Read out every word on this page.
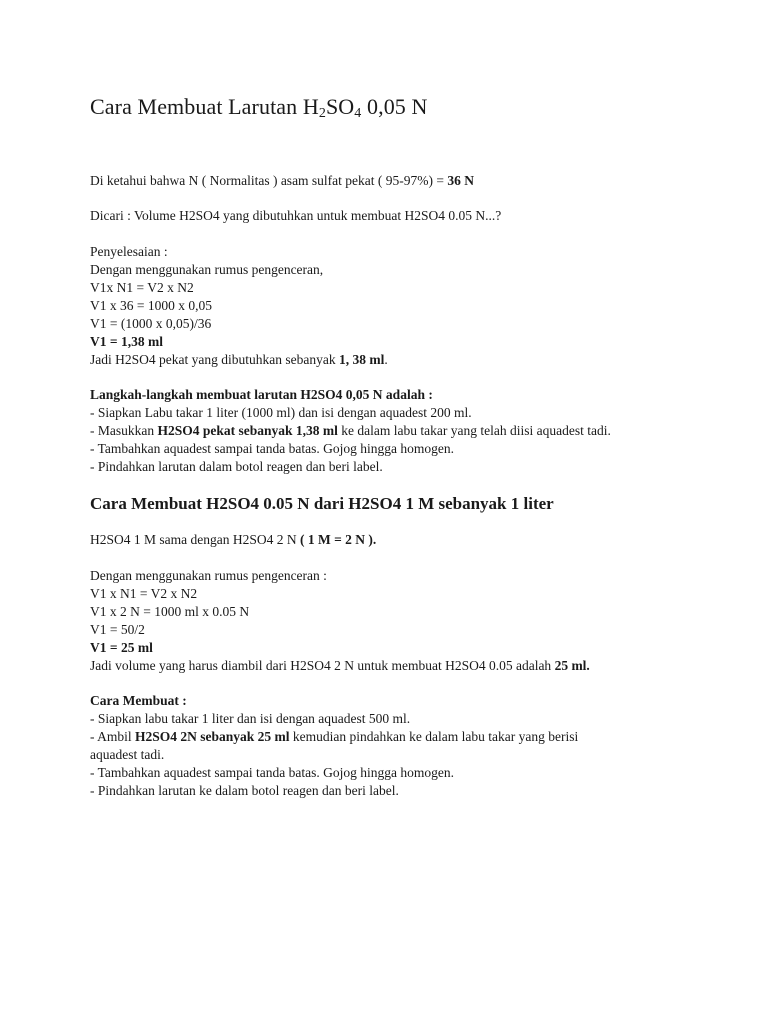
Cara Membuat Larutan $H_2SO_4$ 0,05 N
Di ketahui bahwa N ( Normalitas ) asam sulfat pekat ( 95-97%) = 36 N
Dicari : Volume H2SO4 yang dibutuhkan untuk membuat H2SO4 0.05 N...?
Penyelesaian :
Dengan menggunakan rumus pengenceran,
V1x N1 = V2 x N2
V1 x 36 = 1000 x 0,05
V1 = (1000 x 0,05)/36
V1 = 1,38 ml
Jadi H2SO4 pekat yang dibutuhkan sebanyak 1, 38 ml.
Langkah-langkah membuat larutan H2SO4 0,05 N adalah :
- Siapkan Labu takar 1 liter (1000 ml) dan isi dengan aquadest 200 ml.
- Masukkan H2SO4 pekat sebanyak 1,38 ml ke dalam labu takar yang telah diisi aquadest tadi.
- Tambahkan aquadest sampai tanda batas. Gojog hingga homogen.
- Pindahkan larutan dalam botol reagen dan beri label.
Cara Membuat H2SO4 0.05 N dari H2SO4 1 M sebanyak 1 liter
H2SO4 1 M sama dengan H2SO4 2 N ( 1 M = 2 N ).
Dengan menggunakan rumus pengenceran :
V1 x N1 = V2 x N2
V1 x 2 N = 1000 ml x 0.05 N
V1 = 50/2
V1 = 25 ml
Jadi volume yang harus diambil dari H2SO4 2 N untuk membuat H2SO4 0.05 adalah 25 ml.
Cara Membuat :
- Siapkan labu takar 1 liter dan isi dengan aquadest 500 ml.
- Ambil H2SO4 2N sebanyak 25 ml kemudian pindahkan ke dalam labu takar yang berisi
aquadest tadi.
- Tambahkan aquadest sampai tanda batas. Gojog hingga homogen.
- Pindahkan larutan ke dalam botol reagen dan beri label.
